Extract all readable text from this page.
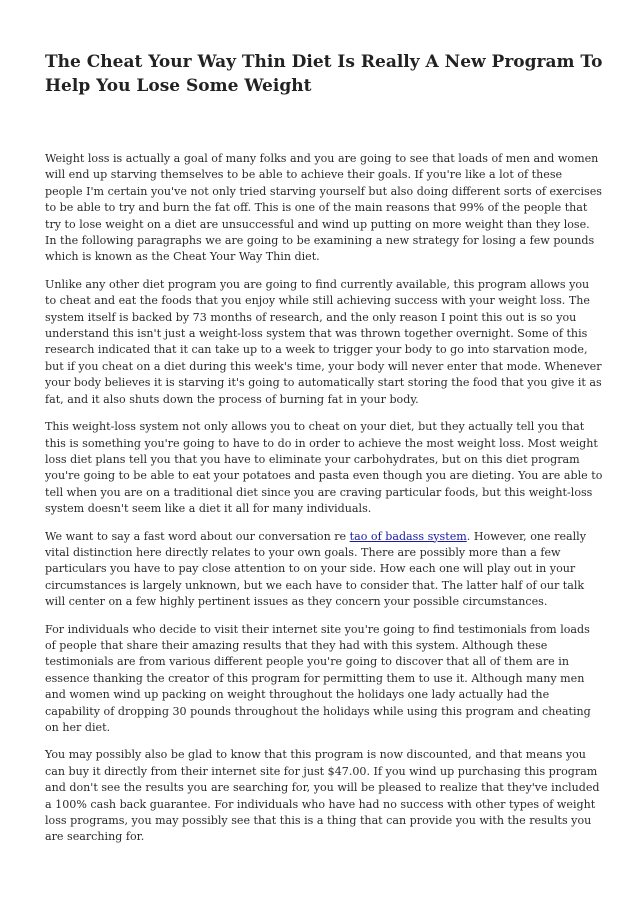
The Cheat Your Way Thin Diet Is Really A New Program To Help You Lose Some Weight

Weight loss is actually a goal of many folks and you are going to see that loads of men and women will end up starving themselves to be able to achieve their goals. If you're like a lot of these people I'm certain you've not only tried starving yourself but also doing different sorts of exercises to be able to try and burn the fat off. This is one of the main reasons that 99% of the people that try to lose weight on a diet are unsuccessful and wind up putting on more weight than they lose. In the following paragraphs we are going to be examining a new strategy for losing a few pounds which is known as the Cheat Your Way Thin diet.

Unlike any other diet program you are going to find currently available, this program allows you to cheat and eat the foods that you enjoy while still achieving success with your weight loss. The system itself is backed by 73 months of research, and the only reason I point this out is so you understand this isn't just a weight-loss system that was thrown together overnight. Some of this research indicated that it can take up to a week to trigger your body to go into starvation mode, but if you cheat on a diet during this week's time, your body will never enter that mode. Whenever your body believes it is starving it's going to automatically start storing the food that you give it as fat, and it also shuts down the process of burning fat in your body.

This weight-loss system not only allows you to cheat on your diet, but they actually tell you that this is something you're going to have to do in order to achieve the most weight loss. Most weight loss diet plans tell you that you have to eliminate your carbohydrates, but on this diet program you're going to be able to eat your potatoes and pasta even though you are dieting. You are able to tell when you are on a traditional diet since you are craving particular foods, but this weight-loss system doesn't seem like a diet it all for many individuals.

We want to say a fast word about our conversation re tao of badass system. However, one really vital distinction here directly relates to your own goals. There are possibly more than a few particulars you have to pay close attention to on your side. How each one will play out in your circumstances is largely unknown, but we each have to consider that. The latter half of our talk will center on a few highly pertinent issues as they concern your possible circumstances.

For individuals who decide to visit their internet site you're going to find testimonials from loads of people that share their amazing results that they had with this system. Although these testimonials are from various different people you're going to discover that all of them are in essence thanking the creator of this program for permitting them to use it. Although many men and women wind up packing on weight throughout the holidays one lady actually had the capability of dropping 30 pounds throughout the holidays while using this program and cheating on her diet.

You may possibly also be glad to know that this program is now discounted, and that means you can buy it directly from their internet site for just $47.00. If you wind up purchasing this program and don't see the results you are searching for, you will be pleased to realize that they've included a 100% cash back guarantee. For individuals who have had no success with other types of weight loss programs, you may possibly see that this is a thing that can provide you with the results you are searching for.
